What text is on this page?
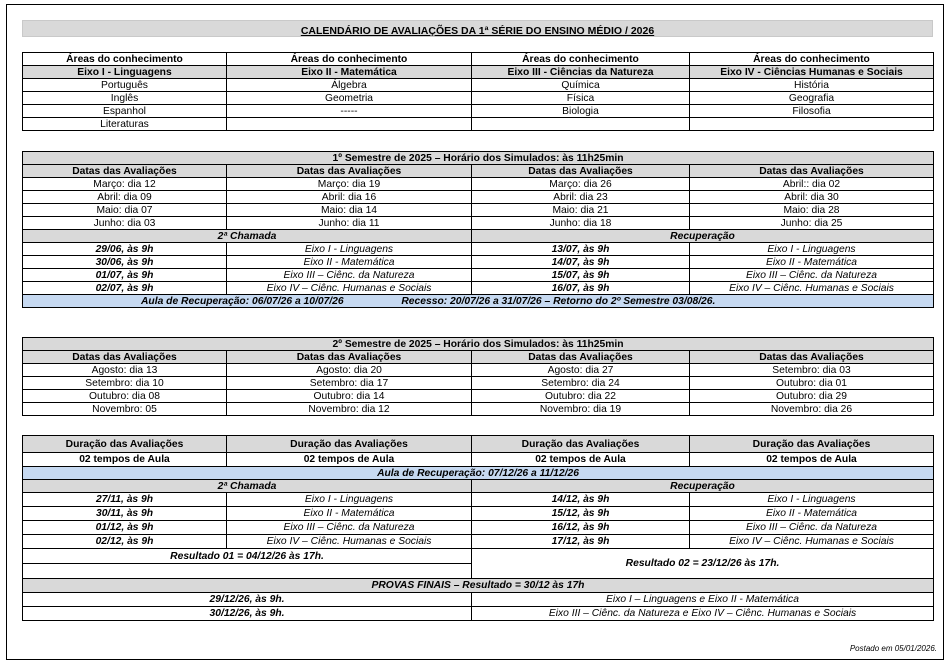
CALENDÁRIO DE AVALIAÇÕES DA 1ª SÉRIE DO ENSINO MÉDIO / 2026
Áreas do conhecimento	Áreas do conhecimento	Áreas do conhecimento	Áreas do conhecimento
Eixo I - Linguagens	Eixo II - Matemática	Eixo III - Ciências da Natureza	Eixo IV - Ciências Humanas e Sociais
Português	Álgebra	Química	História
Inglês	Geometria	Física	Geografia
Espanhol	-----	Biologia	Filosofia
Literaturas			
1º Semestre de 2025 – Horário dos Simulados: às 11h25min			
Datas das Avaliações	Datas das Avaliações	Datas das Avaliações	Datas das Avaliações
Março: dia 12	Março: dia 19	Março: dia 26	Abril:: dia 02
Abril: dia 09	Abril: dia 16	Abril: dia 23	Abril: dia 30
Maio: dia 07	Maio: dia 14	Maio: dia 21	Maio: dia 28
Junho: dia 03	Junho: dia 11	Junho: dia 18	Junho: dia 25
2ª Chamada		Recuperação	
29/06, às 9h	Eixo I - Linguagens	13/07, às 9h	Eixo I - Linguagens
30/06, às 9h	Eixo II - Matemática	14/07, às 9h	Eixo II - Matemática
01/07, às 9h	Eixo III – Ciênc. da Natureza	15/07, às 9h	Eixo III – Ciênc. da Natureza
02/07, às 9h	Eixo IV – Ciênc. Humanas e Sociais	16/07, às 9h	Eixo IV – Ciênc. Humanas e Sociais
Aula de Recuperação: 06/07/26 a 10/07/26 Recesso: 20/07/26 a 31/07/26 – Retorno do 2º Semestre 03/08/26.			
2º Semestre de 2025 – Horário dos Simulados: às 11h25min			
Datas das Avaliações	Datas das Avaliações	Datas das Avaliações	Datas das Avaliações
Agosto: dia 13	Agosto: dia 20	Agosto: dia 27	Setembro: dia 03
Setembro: dia 10	Setembro: dia 17	Setembro: dia 24	Outubro: dia 01
Outubro: dia 08	Outubro: dia 14	Outubro: dia 22	Outubro: dia 29
Novembro: 05	Novembro: dia 12	Novembro: dia 19	Novembro: dia 26
Duração das Avaliações	Duração das Avaliações	Duração das Avaliações	Duração das Avaliações
02 tempos de Aula	02 tempos de Aula	02 tempos de Aula	02 tempos de Aula
Aula de Recuperação: 07/12/26 a 11/12/26			
2ª Chamada		Recuperação	
27/11, às 9h	Eixo I - Linguagens	14/12, às 9h	Eixo I - Linguagens
30/11, às 9h	Eixo II - Matemática	15/12, às 9h	Eixo II - Matemática
01/12, às 9h	Eixo III – Ciênc. da Natureza	16/12, às 9h	Eixo III – Ciênc. da Natureza
02/12, às 9h	Eixo IV – Ciênc. Humanas e Sociais	17/12, às 9h	Eixo IV – Ciênc. Humanas e Sociais
Resultado 01 = 04/12/26 às 17h.		Resultado 02 = 23/12/26 às 17h.	

PROVAS FINAIS – Resultado = 30/12 às 17h			
29/12/26, às 9h.		Eixo I – Linguagens e Eixo II - Matemática	
30/12/26, às 9h.		Eixo III – Ciênc. da Natureza e Eixo IV – Ciênc. Humanas e Sociais	
Postado em 05/01/2026.
